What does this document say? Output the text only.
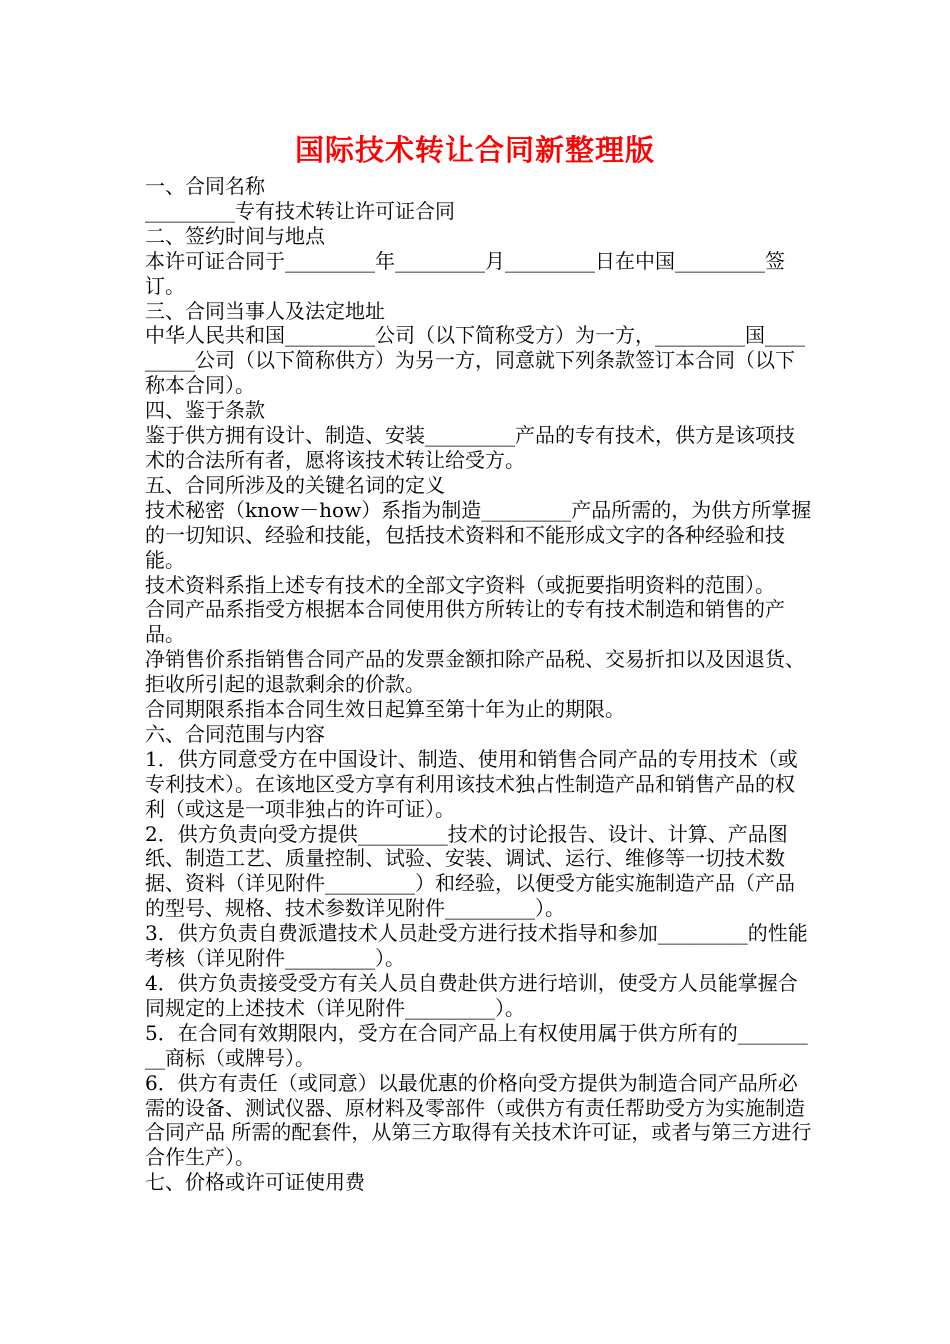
国际技术转让合同新整理版

一、合同名称

_________专有技术转让许可证合同

二、签约时间与地点

本许可证合同于_________年_________月_________日在中国_________签订。

三、合同当事人及法定地址

中华人民共和国_________公司（以下简称受方）为一方，_________国_________公司（以下简称供方）为另一方，同意就下列条款签订本合同（以下称本合同）。

四、鉴于条款

鉴于供方拥有设计、制造、安装_________产品的专有技术，供方是该项技术的合法所有者，愿将该技术转让给受方。

五、合同所涉及的关键名词的定义

技术秘密（know－how）系指为制造_________产品所需的，为供方所掌握的一切知识、经验和技能，包括技术资料和不能形成文字的各种经验和技能。

技术资料系指上述专有技术的全部文字资料（或扼要指明资料的范围）。

合同产品系指受方根据本合同使用供方所转让的专有技术制造和销售的产品。

净销售价系指销售合同产品的发票金额扣除产品税、交易折扣以及因退货、拒收所引起的退款剩余的价款。

合同期限系指本合同生效日起算至第十年为止的期限。

六、合同范围与内容

1．供方同意受方在中国设计、制造、使用和销售合同产品的专用技术（或专利技术）。在该地区受方享有利用该技术独占性制造产品和销售产品的权利（或这是一项非独占的许可证）。

2．供方负责向受方提供_________技术的讨论报告、设计、计算、产品图纸、制造工艺、质量控制、试验、安装、调试、运行、维修等一切技术数据、资料（详见附件_________）和经验，以便受方能实施制造产品（产品的型号、规格、技术参数详见附件_________）。

3．供方负责自费派遣技术人员赴受方进行技术指导和参加_________的性能考核（详见附件_________）。

4．供方负责接受受方有关人员自费赴供方进行培训，使受方人员能掌握合同规定的上述技术（详见附件_________）。

5．在合同有效期限内，受方在合同产品上有权使用属于供方所有的_________商标（或牌号）。

6．供方有责任（或同意）以最优惠的价格向受方提供为制造合同产品所必需的设备、测试仪器、原材料及零部件（或供方有责任帮助受方为实施制造合同产品 所需的配套件，从第三方取得有关技术许可证，或者与第三方进行合作生产）。

七、价格或许可证使用费
